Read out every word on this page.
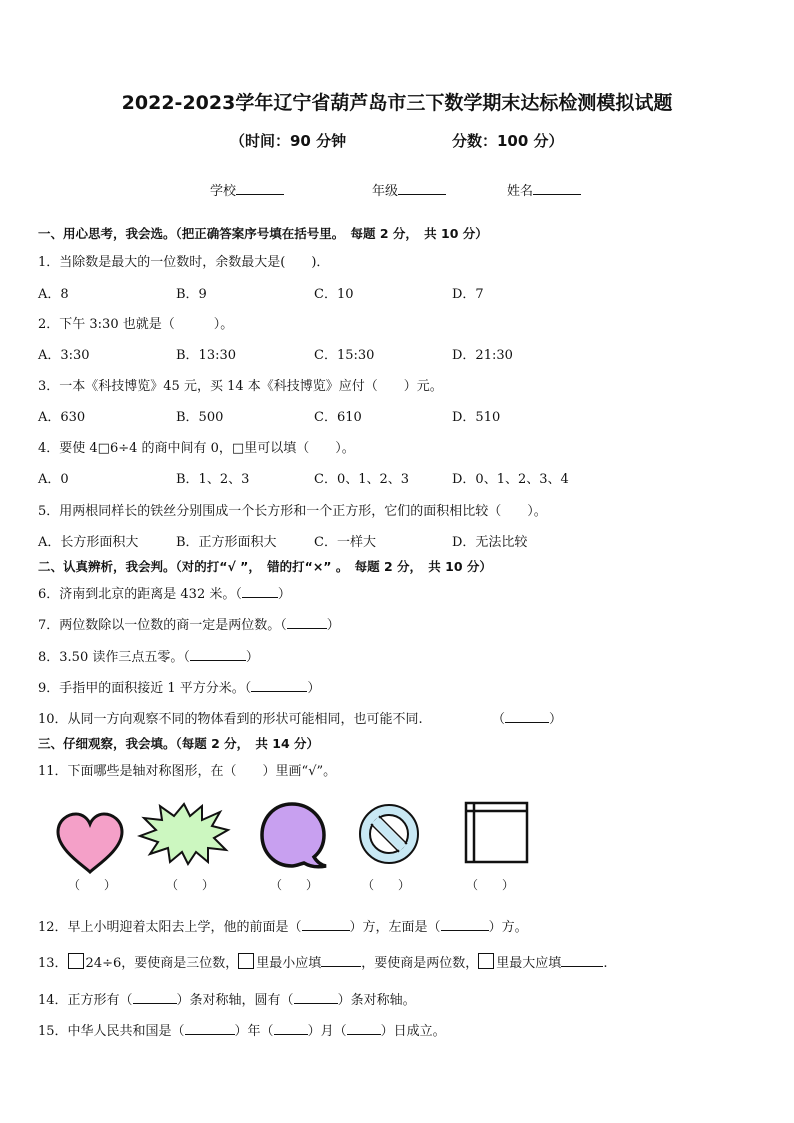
2022-2023学年辽宁省葫芦岛市三下数学期末达标检测模拟试题
（时间：90 分钟	分数：100 分）
学校	年级	姓名
一、用心思考，我会选。（把正确答案序号填在括号里。　每题 2 分，　共 10 分）
1．当除数是最大的一位数时，余数最大是(　　)．
A．8	B．9	C．10	D．7
2．下午 3:30 也就是（　　　）。
A．3:30	B．13:30	C．15:30	D．21:30
3．一本《科技博览》45 元，买 14 本《科技博览》应付（　　）元。
A．630	B．500	C．610	D．510
4．要使 4□6÷4 的商中间有 0，□里可以填（　　）。
A．0	B．1、2、3	C．0、1、2、3	D．0、1、2、3、4
5．用两根同样长的铁丝分别围成一个长方形和一个正方形，它们的面积相比较（　　）。
A．长方形面积大	B．正方形面积大	C．一样大	D．无法比较
二、认真辨析，我会判。（对的打“√ ”，　错的打“×” 。　每题 2 分，　共 10 分）
6．济南到北京的距离是 432 米。（	）
7．两位数除以一位数的商一定是两位数。（	）
8．3.50 读作三点五零。（	）
9．手指甲的面积接近 1 平方分米。（	）
10．从同一方向观察不同的物体看到的形状可能相同，也可能不同.	（	）
三、仔细观察，我会填。（每题 2 分，　共 14 分）
11．下面哪些是轴对称图形，在（　　）里画“√”。
（　　）	（　　）	（　　）	（　　）	（　　）
12．早上小明迎着太阳去上学，他的前面是（	）方，左面是（	）方。
13． 24÷6，要使商是三位数， 里最小应填	，要使商是两位数， 里最大应填	.
14．正方形有（	）条对称轴，圆有（	）条对称轴。
15．中华人民共和国是（	）年（	）月（	）日成立。
